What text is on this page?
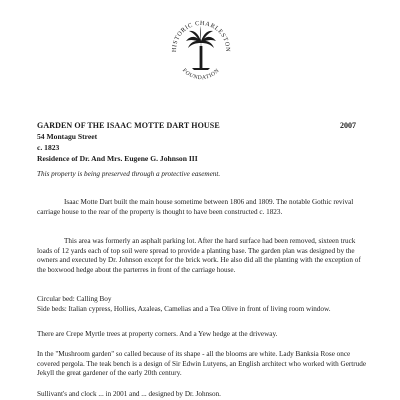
HISTORIC CHARLESTON
FOUNDATION
GARDEN OF THE ISAAC MOTTE DART HOUSE	2007
54 Montagu Street
c. 1823
Residence of Dr. And Mrs. Eugene G. Johnson III
This property is being preserved through a protective easement.
Isaac Motte Dart built the main house sometime between 1806 and 1809. The notable Gothic revival carriage house to the rear of the property is thought to have been constructed c. 1823.
This area was formerly an asphalt parking lot. After the hard surface had been removed, sixteen truck loads of 12 yards each of top soil were spread to provide a planting base. The garden plan was designed by the owners and executed by Dr. Johnson except for the brick work. He also did all the planting with the exception of the boxwood hedge about the parterres in front of the carriage house.
Circular bed: Calling Boy
Side beds: Italian cypress, Hollies, Azaleas, Camelias and a Tea Olive in front of living room window.
There are Crepe Myrtle trees at property corners. And a Yew hedge at the driveway.
In the "Mushroom garden" so called because of its shape - all the blooms are white. Lady Banksia Rose once covered pergola. The teak bench is a design of Sir Edwin Lutyens, an English architect who worked with Gertrude Jekyll the great gardener of the early 20th century.
Sullivant's and clock ... in 2001 and ... designed by Dr. Johnson.
